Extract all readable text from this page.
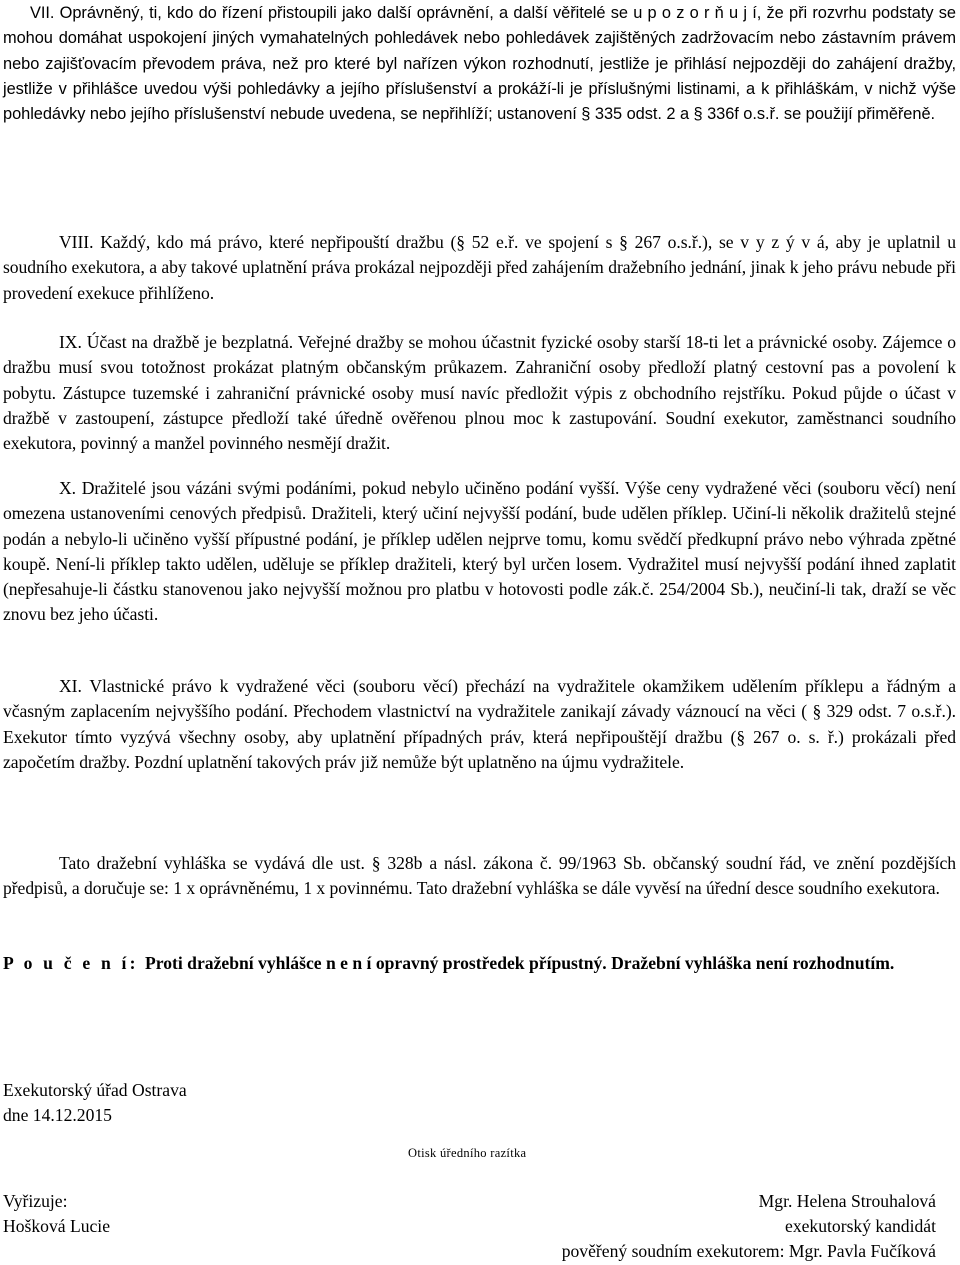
VII. Oprávněný, ti, kdo do řízení přistoupili jako další oprávnění, a další věřitelé se u p o z o r ň u j í, že při rozvrhu podstaty se mohou domáhat uspokojení jiných vymahatelných pohledávek nebo pohledávek zajištěných zadržovacím nebo zástavním právem nebo zajišťovacím převodem práva, než pro které byl nařízen výkon rozhodnutí, jestliže je přihlásí nejpozději do zahájení dražby, jestliže v přihlášce uvedou výši pohledávky a jejího příslušenství a prokáží-li je příslušnými listinami, a k přihláškám, v nichž výše pohledávky nebo jejího příslušenství nebude uvedena, se nepřihlíží; ustanovení § 335 odst. 2 a § 336f o.s.ř. se použijí přiměřeně.

VIII. Každý, kdo má právo, které nepřipouští dražbu (§ 52 e.ř. ve spojení s § 267 o.s.ř.), se v y z ý v á, aby je uplatnil u soudního exekutora, a aby takové uplatnění práva prokázal nejpozději před zahájením dražebního jednání, jinak k jeho právu nebude při provedení exekuce přihlíženo.

IX. Účast na dražbě je bezplatná. Veřejné dražby se mohou účastnit fyzické osoby starší 18-ti let a právnické osoby. Zájemce o dražbu musí svou totožnost prokázat platným občanským průkazem. Zahraniční osoby předloží platný cestovní pas a povolení k pobytu. Zástupce tuzemské i zahraniční právnické osoby musí navíc předložit výpis z obchodního rejstříku. Pokud půjde o účast v dražbě v zastoupení, zástupce předloží také úředně ověřenou plnou moc k zastupování. Soudní exekutor, zaměstnanci soudního exekutora, povinný a manžel povinného nesmějí dražit.

X. Dražitelé jsou vázáni svými podáními, pokud nebylo učiněno podání vyšší. Výše ceny vydražené věci (souboru věcí) není omezena ustanoveními cenových předpisů. Dražiteli, který učiní nejvyšší podání, bude udělen příklep. Učiní-li několik dražitelů stejné podán a nebylo-li učiněno vyšší přípustné podání, je příklep udělen nejprve tomu, komu svědčí předkupní právo nebo výhrada zpětné koupě. Není-li příklep takto udělen, uděluje se příklep dražiteli, který byl určen losem. Vydražitel musí nejvyšší podání ihned zaplatit (nepřesahuje-li částku stanovenou jako nejvyšší možnou pro platbu v hotovosti podle zák.č. 254/2004 Sb.), neučiní-li tak, draží se věc znovu bez jeho účasti.

XI. Vlastnické právo k vydražené věci (souboru věcí) přechází na vydražitele okamžikem udělením příklepu a řádným a včasným zaplacením nejvyššího podání. Přechodem vlastnictví na vydražitele zanikají závady váznoucí na věci ( § 329 odst. 7 o.s.ř.). Exekutor tímto vyzývá všechny osoby, aby uplatnění případných práv, která nepřipouštějí dražbu (§ 267 o. s. ř.) prokázali před započetím dražby. Pozdní uplatnění takových práv již nemůže být uplatněno na újmu vydražitele.

Tato dražební vyhláška se vydává dle ust. § 328b a násl. zákona č. 99/1963 Sb. občanský soudní řád, ve znění pozdějších předpisů, a doručuje se: 1 x oprávněnému, 1 x povinnému. Tato dražební vyhláška se dále vyvěsí na úřední desce soudního exekutora.

P o u č e n í: Proti dražební vyhlášce n e n í opravný prostředek přípustný. Dražební vyhláška není rozhodnutím.
Exekutorský úřad Ostrava
dne 14.12.2015
Otisk úředního razítka
Vyřizuje:
Hošková Lucie
Mgr. Helena Strouhalová
exekutorský kandidát
pověřený soudním exekutorem: Mgr. Pavla Fučíková
